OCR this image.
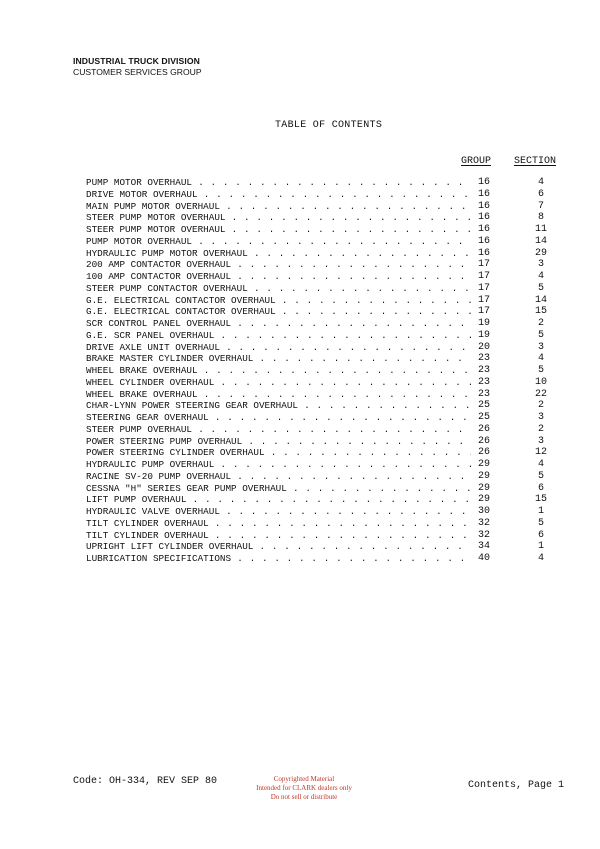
INDUSTRIAL TRUCK DIVISION
CUSTOMER SERVICES GROUP
TABLE OF CONTENTS
GROUP SECTION
PUMP MOTOR OVERHAUL . . .	16	4
DRIVE MOTOR OVERHAUL . . .	16	6
MAIN PUMP MOTOR OVERHAUL . . .	16	7
STEER PUMP MOTOR OVERHAUL . . .	16	8
STEER PUMP MOTOR OVERHAUL . . .	16	11
PUMP MOTOR OVERHAUL . . .	16	14
HYDRAULIC PUMP MOTOR OVERHAUL . . .	16	29
200 AMP CONTACTOR OVERHAUL . . .	17	3
100 AMP CONTACTOR OVERHAUL . . .	17	4
STEER PUMP CONTACTOR OVERHAUL . . .	17	5
G.E. ELECTRICAL CONTACTOR OVERHAUL . . .	17	14
G.E. ELECTRICAL CONTACTOR OVERHAUL . . .	17	15
SCR CONTROL PANEL OVERHAUL . . .	19	2
G.E. SCR PANEL OVERHAUL . . .	19	5
DRIVE AXLE UNIT OVERHAUL . . .	20	3
BRAKE MASTER CYLINDER OVERHAUL . . .	23	4
WHEEL BRAKE OVERHAUL . . .	23	5
WHEEL CYLINDER OVERHAUL . . .	23	10
WHEEL BRAKE OVERHAUL . . .	23	22
CHAR-LYNN POWER STEERING GEAR OVERHAUL . . .	25	2
STEERING GEAR OVERHAUL . . .	25	3
STEER PUMP OVERHAUL . . .	26	2
POWER STEERING PUMP OVERHAUL . . .	26	3
POWER STEERING CYLINDER OVERHAUL . . .	26	12
HYDRAULIC PUMP OVERHAUL . . .	29	4
RACINE SV-20 PUMP OVERHAUL . . .	29	5
CESSNA "H" SERIES GEAR PUMP OVERHAUL . . .	29	6
LIFT PUMP OVERHAUL . . .	29	15
HYDRAULIC VALVE OVERHAUL . . .	30	1
TILT CYLINDER OVERHAUL . . .	32	5
TILT CYLINDER OVERHAUL . . .	32	6
UPRIGHT LIFT CYLINDER OVERHAUL . . .	34	1
LUBRICATION SPECIFICATIONS . . .	40	4
Code: OH-334, REV SEP 80	Copyrighted Material
Intended for CLARK dealers only
Do not sell or distribute
Contents, Page 1
